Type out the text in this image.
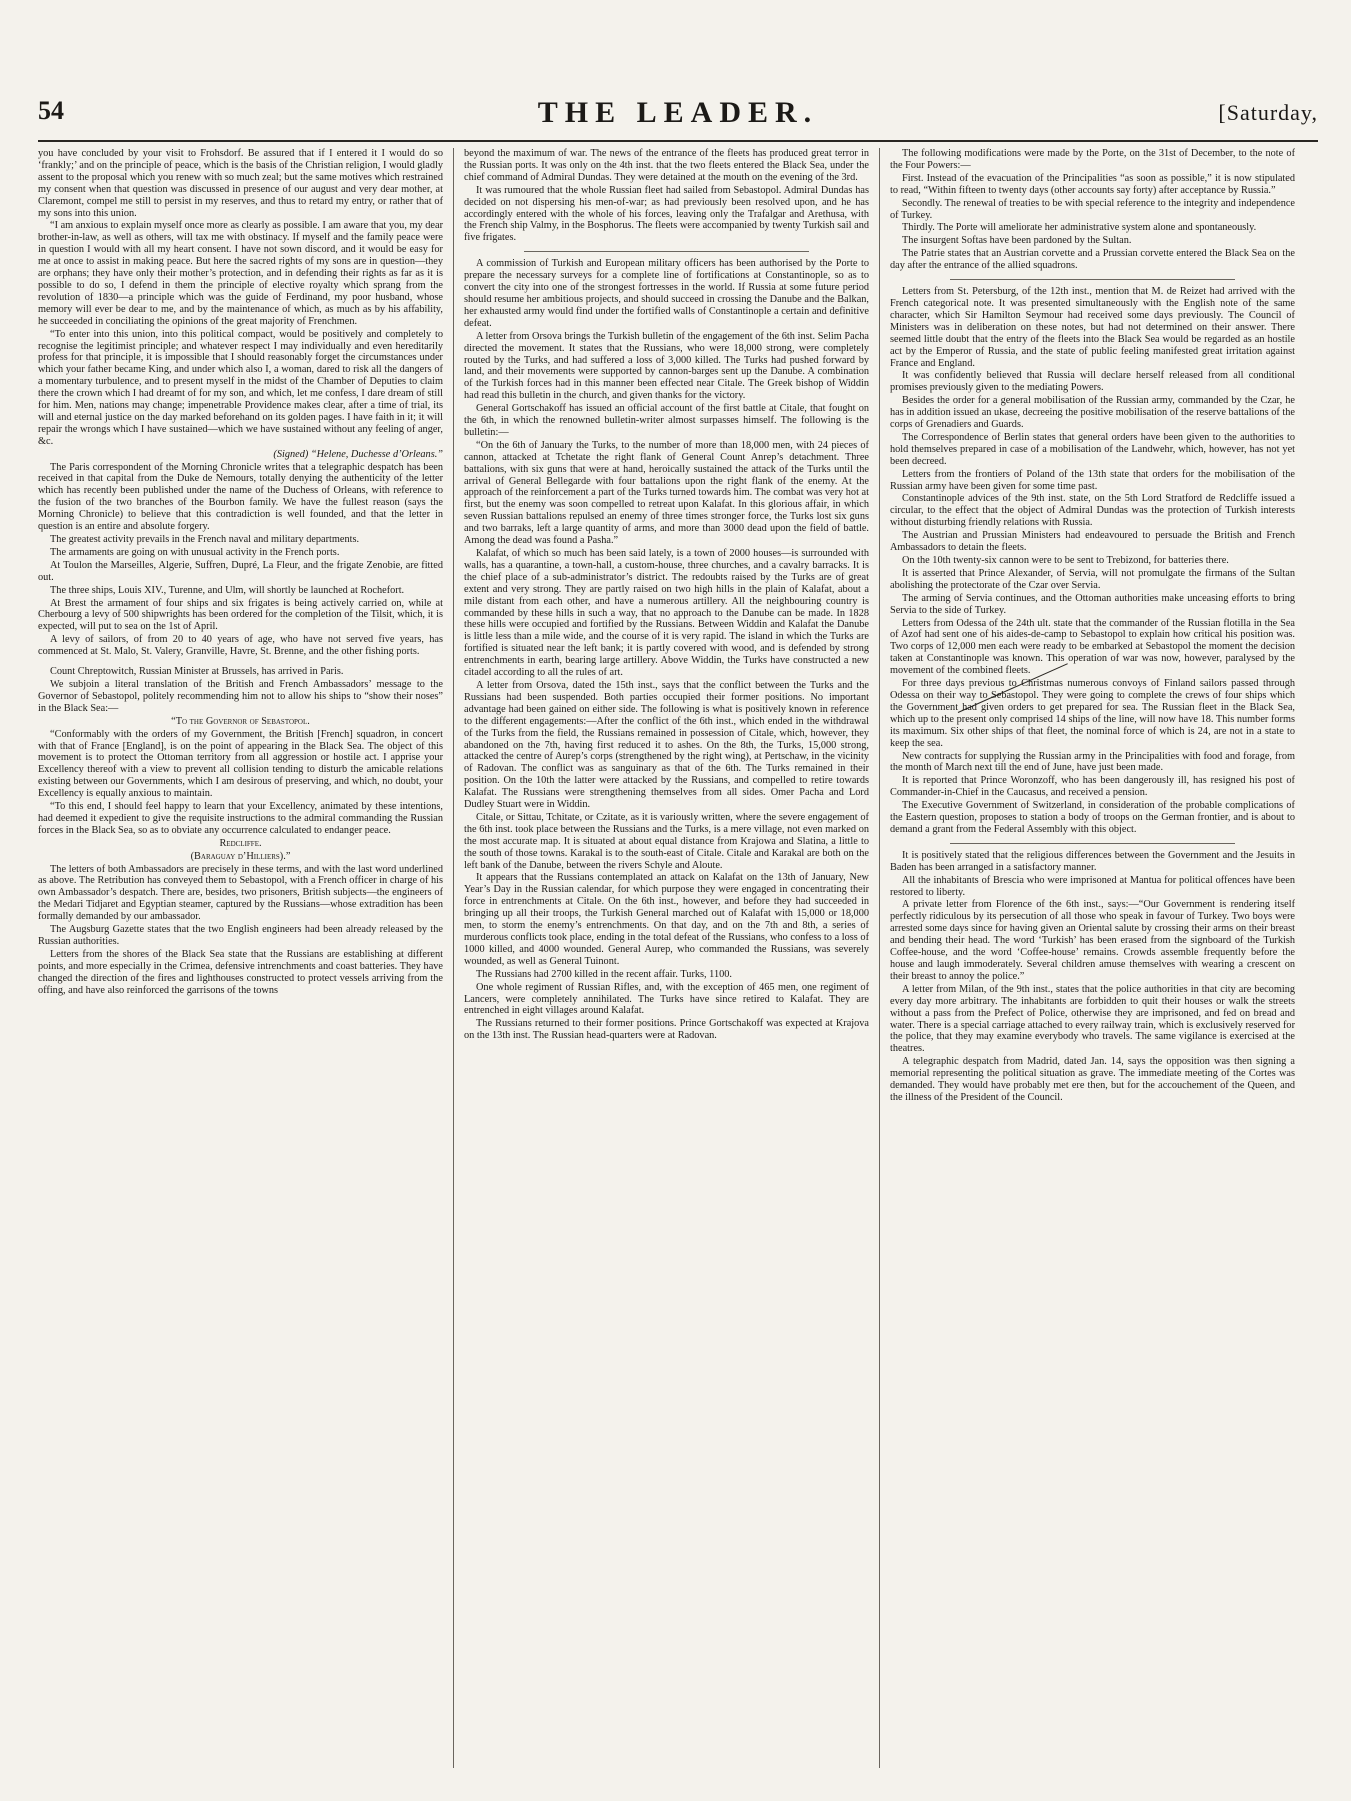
54	THE LEADER.	[Saturday,

you have concluded by your visit to Frohsdorf. Be assured that if I entered it I would do so ‘frankly;’ and on the principle of peace, which is the basis of the Christian religion, I would gladly assent to the proposal which you renew with so much zeal; but the same motives which restrained my consent when that question was discussed in presence of our august and very dear mother, at Claremont, compel me still to persist in my reserves, and thus to retard my entry, or rather that of my sons into this union.

“I am anxious to explain myself once more as clearly as possible. I am aware that you, my dear brother-in-law, as well as others, will tax me with obstinacy. If myself and the family peace were in question I would with all my heart consent. I have not sown discord, and it would be easy for me at once to assist in making peace. But here the sacred rights of my sons are in question—they are orphans; they have only their mother’s protection, and in defending their rights as far as it is possible to do so, I defend in them the principle of elective royalty which sprang from the revolution of 1830—a principle which was the guide of Ferdinand, my poor husband, whose memory will ever be dear to me, and by the maintenance of which, as much as by his affability, he succeeded in conciliating the opinions of the great majority of Frenchmen.

“To enter into this union, into this political compact, would be positively and completely to recognise the legitimist principle; and whatever respect I may individually and even hereditarily profess for that principle, it is impossible that I should reasonably forget the circumstances under which your father became King, and under which also I, a woman, dared to risk all the dangers of a momentary turbulence, and to present myself in the midst of the Chamber of Deputies to claim there the crown which I had dreamt of for my son, and which, let me confess, I dare dream of still for him. Men, nations may change; impenetrable Providence makes clear, after a time of trial, its will and eternal justice on the day marked beforehand on its golden pages. I have faith in it; it will repair the wrongs which I have sustained—which we have sustained without any feeling of anger, &c.

(Signed) “Helene, Duchesse d’Orleans.”

The Paris correspondent of the Morning Chronicle writes that a telegraphic despatch has been received in that capital from the Duke de Nemours, totally denying the authenticity of the letter which has recently been published under the name of the Duchess of Orleans, with reference to the fusion of the two branches of the Bourbon family. We have the fullest reason (says the Morning Chronicle) to believe that this contradiction is well founded, and that the letter in question is an entire and absolute forgery.

The greatest activity prevails in the French naval and military departments.

The armaments are going on with unusual activity in the French ports.

At Toulon the Marseilles, Algerie, Suffren, Dupré, La Fleur, and the frigate Zenobie, are fitted out.

The three ships, Louis XIV., Turenne, and Ulm, will shortly be launched at Rochefort.

At Brest the armament of four ships and six frigates is being actively carried on, while at Cherbourg a levy of 500 shipwrights has been ordered for the completion of the Tilsit, which, it is expected, will put to sea on the 1st of April.

A levy of sailors, of from 20 to 40 years of age, who have not served five years, has commenced at St. Malo, St. Valery, Granville, Havre, St. Brenne, and the other fishing ports.

Count Chreptowitch, Russian Minister at Brussels, has arrived in Paris.

We subjoin a literal translation of the British and French Ambassadors’ message to the Governor of Sebastopol, politely recommending him not to allow his ships to “show their noses” in the Black Sea:—

“To the Governor of Sebastopol.

“Conformably with the orders of my Government, the British [French] squadron, in concert with that of France [England], is on the point of appearing in the Black Sea. The object of this movement is to protect the Ottoman territory from all aggression or hostile act. I apprise your Excellency thereof with a view to prevent all collision tending to disturb the amicable relations existing between our Governments, which I am desirous of preserving, and which, no doubt, your Excellency is equally anxious to maintain.

“To this end, I should feel happy to learn that your Excellency, animated by these intentions, had deemed it expedient to give the requisite instructions to the admiral commanding the Russian forces in the Black Sea, so as to obviate any occurrence calculated to endanger peace.

Redcliffe.

(Baraguay d’Hilliers).”

The letters of both Ambassadors are precisely in these terms, and with the last word underlined as above. The Retribution has conveyed them to Sebastopol, with a French officer in charge of his own Ambassador’s despatch. There are, besides, two prisoners, British subjects—the engineers of the Medari Tidjaret and Egyptian steamer, captured by the Russians—whose extradition has been formally demanded by our ambassador.

The Augsburg Gazette states that the two English engineers had been already released by the Russian authorities.

Letters from the shores of the Black Sea state that the Russians are establishing at different points, and more especially in the Crimea, defensive intrenchments and coast batteries. They have changed the direction of the fires and lighthouses constructed to protect vessels arriving from the offing, and have also reinforced the garrisons of the towns

beyond the maximum of war. The news of the entrance of the fleets has produced great terror in the Russian ports. It was only on the 4th inst. that the two fleets entered the Black Sea, under the chief command of Admiral Dundas. They were detained at the mouth on the evening of the 3rd.

It was rumoured that the whole Russian fleet had sailed from Sebastopol. Admiral Dundas has decided on not dispersing his men-of-war; as had previously been resolved upon, and he has accordingly entered with the whole of his forces, leaving only the Trafalgar and Arethusa, with the French ship Valmy, in the Bosphorus. The fleets were accompanied by twenty Turkish sail and five frigates.

A commission of Turkish and European military officers has been authorised by the Porte to prepare the necessary surveys for a complete line of fortifications at Constantinople, so as to convert the city into one of the strongest fortresses in the world. If Russia at some future period should resume her ambitious projects, and should succeed in crossing the Danube and the Balkan, her exhausted army would find under the fortified walls of Constantinople a certain and definitive defeat.

A letter from Orsova brings the Turkish bulletin of the engagement of the 6th inst. Selim Pacha directed the movement. It states that the Russians, who were 18,000 strong, were completely routed by the Turks, and had suffered a loss of 3,000 killed. The Turks had pushed forward by land, and their movements were supported by cannon-barges sent up the Danube. A combination of the Turkish forces had in this manner been effected near Citale. The Greek bishop of Widdin had read this bulletin in the church, and given thanks for the victory.

General Gortschakoff has issued an official account of the first battle at Citale, that fought on the 6th, in which the renowned bulletin-writer almost surpasses himself. The following is the bulletin:—

“On the 6th of January the Turks, to the number of more than 18,000 men, with 24 pieces of cannon, attacked at Tchetate the right flank of General Count Anrep’s detachment. Three battalions, with six guns that were at hand, heroically sustained the attack of the Turks until the arrival of General Bellegarde with four battalions upon the right flank of the enemy. At the approach of the reinforcement a part of the Turks turned towards him. The combat was very hot at first, but the enemy was soon compelled to retreat upon Kalafat. In this glorious affair, in which seven Russian battalions repulsed an enemy of three times stronger force, the Turks lost six guns and two barraks, left a large quantity of arms, and more than 3000 dead upon the field of battle. Among the dead was found a Pasha.”

Kalafat, of which so much has been said lately, is a town of 2000 houses—is surrounded with walls, has a quarantine, a town-hall, a custom-house, three churches, and a cavalry barracks. It is the chief place of a sub-administrator’s district. The redoubts raised by the Turks are of great extent and very strong. They are partly raised on two high hills in the plain of Kalafat, about a mile distant from each other, and have a numerous artillery. All the neighbouring country is commanded by these hills in such a way, that no approach to the Danube can be made. In 1828 these hills were occupied and fortified by the Russians. Between Widdin and Kalafat the Danube is little less than a mile wide, and the course of it is very rapid. The island in which the Turks are fortified is situated near the left bank; it is partly covered with wood, and is defended by strong entrenchments in earth, bearing large artillery. Above Widdin, the Turks have constructed a new citadel according to all the rules of art.

A letter from Orsova, dated the 15th inst., says that the conflict between the Turks and the Russians had been suspended. Both parties occupied their former positions. No important advantage had been gained on either side. The following is what is positively known in reference to the different engagements:—After the conflict of the 6th inst., which ended in the withdrawal of the Turks from the field, the Russians remained in possession of Citale, which, however, they abandoned on the 7th, having first reduced it to ashes. On the 8th, the Turks, 15,000 strong, attacked the centre of Aurep’s corps (strengthened by the right wing), at Pertschaw, in the vicinity of Radovan. The conflict was as sanguinary as that of the 6th. The Turks remained in their position. On the 10th the latter were attacked by the Russians, and compelled to retire towards Kalafat. The Russians were strengthening themselves from all sides. Omer Pacha and Lord Dudley Stuart were in Widdin.

Citale, or Sittau, Tchitate, or Czitate, as it is variously written, where the severe engagement of the 6th inst. took place between the Russians and the Turks, is a mere village, not even marked on the most accurate map. It is situated at about equal distance from Krajowa and Slatina, a little to the south of those towns. Karakal is to the south-east of Citale. Citale and Karakal are both on the left bank of the Danube, between the rivers Schyle and Aloute.

It appears that the Russians contemplated an attack on Kalafat on the 13th of January, New Year’s Day in the Russian calendar, for which purpose they were engaged in concentrating their force in entrenchments at Citale. On the 6th inst., however, and before they had succeeded in bringing up all their troops, the Turkish General marched out of Kalafat with 15,000 or 18,000 men, to storm the enemy’s entrenchments. On that day, and on the 7th and 8th, a series of murderous conflicts took place, ending in the total defeat of the Russians, who confess to a loss of 1000 killed, and 4000 wounded. General Aurep, who commanded the Russians, was severely wounded, as well as General Tuinont.

The Russians had 2700 killed in the recent affair. Turks, 1100.

One whole regiment of Russian Rifles, and, with the exception of 465 men, one regiment of Lancers, were completely annihilated. The Turks have since retired to Kalafat. They are entrenched in eight villages around Kalafat.

The Russians returned to their former positions. Prince Gortschakoff was expected at Krajova on the 13th inst. The Russian head-quarters were at Radovan.

The following modifications were made by the Porte, on the 31st of December, to the note of the Four Powers:—

First. Instead of the evacuation of the Principalities “as soon as possible,” it is now stipulated to read, “Within fifteen to twenty days (other accounts say forty) after acceptance by Russia.”

Secondly. The renewal of treaties to be with special reference to the integrity and independence of Turkey.

Thirdly. The Porte will ameliorate her administrative system alone and spontaneously.

The insurgent Softas have been pardoned by the Sultan.

The Patrie states that an Austrian corvette and a Prussian corvette entered the Black Sea on the day after the entrance of the allied squadrons.

Letters from St. Petersburg, of the 12th inst., mention that M. de Reizet had arrived with the French categorical note. It was presented simultaneously with the English note of the same character, which Sir Hamilton Seymour had received some days previously. The Council of Ministers was in deliberation on these notes, but had not determined on their answer. There seemed little doubt that the entry of the fleets into the Black Sea would be regarded as an hostile act by the Emperor of Russia, and the state of public feeling manifested great irritation against France and England.

It was confidently believed that Russia will declare herself released from all conditional promises previously given to the mediating Powers.

Besides the order for a general mobilisation of the Russian army, commanded by the Czar, he has in addition issued an ukase, decreeing the positive mobilisation of the reserve battalions of the corps of Grenadiers and Guards.

The Correspondence of Berlin states that general orders have been given to the authorities to hold themselves prepared in case of a mobilisation of the Landwehr, which, however, has not yet been decreed.

Letters from the frontiers of Poland of the 13th state that orders for the mobilisation of the Russian army have been given for some time past.

Constantinople advices of the 9th inst. state, on the 5th Lord Stratford de Redcliffe issued a circular, to the effect that the object of Admiral Dundas was the protection of Turkish interests without disturbing friendly relations with Russia.

The Austrian and Prussian Ministers had endeavoured to persuade the British and French Ambassadors to detain the fleets.

On the 10th twenty-six cannon were to be sent to Trebizond, for batteries there.

It is asserted that Prince Alexander, of Servia, will not promulgate the firmans of the Sultan abolishing the protectorate of the Czar over Servia.

The arming of Servia continues, and the Ottoman authorities make unceasing efforts to bring Servia to the side of Turkey.

Letters from Odessa of the 24th ult. state that the commander of the Russian flotilla in the Sea of Azof had sent one of his aides-de-camp to Sebastopol to explain how critical his position was. Two corps of 12,000 men each were ready to be embarked at Sebastopol the moment the decision taken at Constantinople was known. This operation of war was now, however, paralysed by the movement of the combined fleets.

For three days previous to Christmas numerous convoys of Finland sailors passed through Odessa on their way to Sebastopol. They were going to complete the crews of four ships which the Government had given orders to get prepared for sea. The Russian fleet in the Black Sea, which up to the present only comprised 14 ships of the line, will now have 18. This number forms its maximum. Six other ships of that fleet, the nominal force of which is 24, are not in a state to keep the sea.

New contracts for supplying the Russian army in the Principalities with food and forage, from the month of March next till the end of June, have just been made.

It is reported that Prince Woronzoff, who has been dangerously ill, has resigned his post of Commander-in-Chief in the Caucasus, and received a pension.

The Executive Government of Switzerland, in consideration of the probable complications of the Eastern question, proposes to station a body of troops on the German frontier, and is about to demand a grant from the Federal Assembly with this object.

It is positively stated that the religious differences between the Government and the Jesuits in Baden has been arranged in a satisfactory manner.

All the inhabitants of Brescia who were imprisoned at Mantua for political offences have been restored to liberty.

A private letter from Florence of the 6th inst., says:—“Our Government is rendering itself perfectly ridiculous by its persecution of all those who speak in favour of Turkey. Two boys were arrested some days since for having given an Oriental salute by crossing their arms on their breast and bending their head. The word ‘Turkish’ has been erased from the signboard of the Turkish Coffee-house, and the word ‘Coffee-house’ remains. Crowds assemble frequently before the house and laugh immoderately. Several children amuse themselves with wearing a crescent on their breast to annoy the police.”

A letter from Milan, of the 9th inst., states that the police authorities in that city are becoming every day more arbitrary. The inhabitants are forbidden to quit their houses or walk the streets without a pass from the Prefect of Police, otherwise they are imprisoned, and fed on bread and water. There is a special carriage attached to every railway train, which is exclusively reserved for the police, that they may examine everybody who travels. The same vigilance is exercised at the theatres.

A telegraphic despatch from Madrid, dated Jan. 14, says the opposition was then signing a memorial representing the political situation as grave. The immediate meeting of the Cortes was demanded. They would have probably met ere then, but for the accouchement of the Queen, and the illness of the President of the Council.
